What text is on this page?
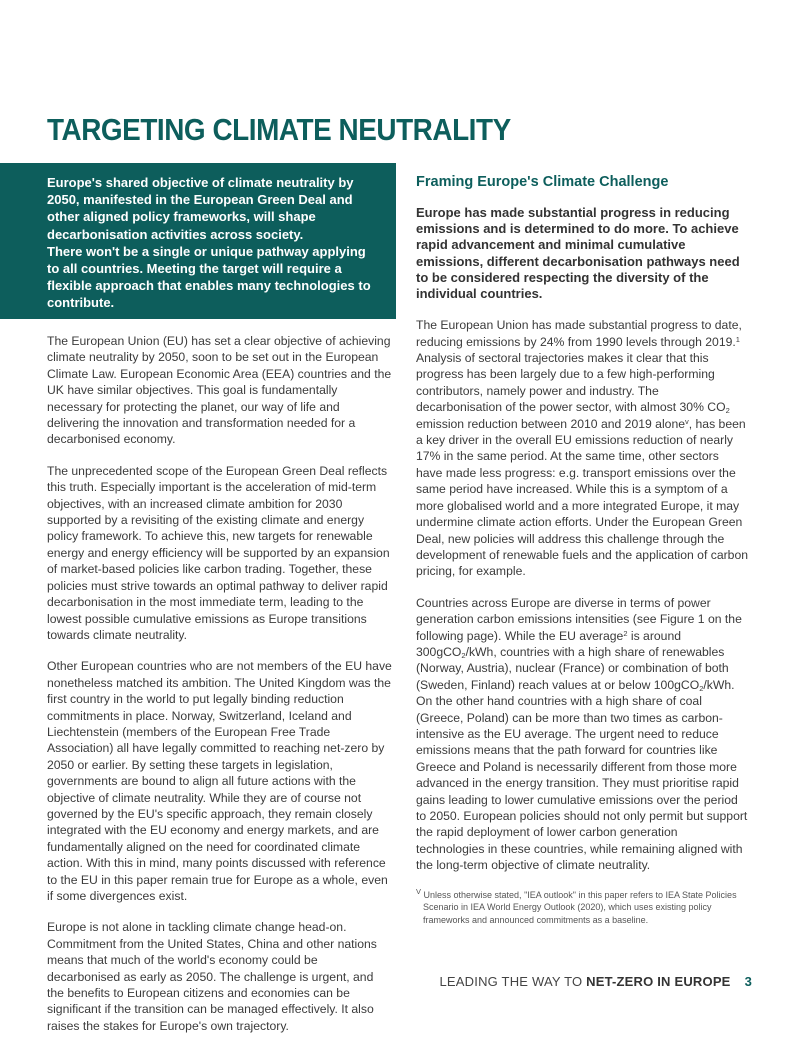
TARGETING CLIMATE NEUTRALITY

Europe's shared objective of climate neutrality by 2050, manifested in the European Green Deal and other aligned policy frameworks, will shape decarbonisation activities across society.

There won't be a single or unique pathway applying to all countries. Meeting the target will require a flexible approach that enables many technologies to contribute.

The European Union (EU) has set a clear objective of achieving climate neutrality by 2050, soon to be set out in the European Climate Law. European Economic Area (EEA) countries and the UK have similar objectives. This goal is fundamentally necessary for protecting the planet, our way of life and delivering the innovation and transformation needed for a decarbonised economy.

The unprecedented scope of the European Green Deal reflects this truth. Especially important is the acceleration of mid-term objectives, with an increased climate ambition for 2030 supported by a revisiting of the existing climate and energy policy framework. To achieve this, new targets for renewable energy and energy efficiency will be supported by an expansion of market-based policies like carbon trading. Together, these policies must strive towards an optimal pathway to deliver rapid decarbonisation in the most immediate term, leading to the lowest possible cumulative emissions as Europe transitions towards climate neutrality.

Other European countries who are not members of the EU have nonetheless matched its ambition. The United Kingdom was the first country in the world to put legally binding reduction commitments in place. Norway, Switzerland, Iceland and Liechtenstein (members of the European Free Trade Association) all have legally committed to reaching net-zero by 2050 or earlier. By setting these targets in legislation, governments are bound to align all future actions with the objective of climate neutrality. While they are of course not governed by the EU's specific approach, they remain closely integrated with the EU economy and energy markets, and are fundamentally aligned on the need for coordinated climate action. With this in mind, many points discussed with reference to the EU in this paper remain true for Europe as a whole, even if some divergences exist.

Europe is not alone in tackling climate change head-on. Commitment from the United States, China and other nations means that much of the world's economy could be decarbonised as early as 2050. The challenge is urgent, and the benefits to European citizens and economies can be significant if the transition can be managed effectively. It also raises the stakes for Europe's own trajectory.

Framing Europe's Climate Challenge

Europe has made substantial progress in reducing emissions and is determined to do more. To achieve rapid advancement and minimal cumulative emissions, different decarbonisation pathways need to be considered respecting the diversity of the individual countries.

The European Union has made substantial progress to date, reducing emissions by 24% from 1990 levels through 2019.$^1$ Analysis of sectoral trajectories makes it clear that this progress has been largely due to a few high-performing contributors, namely power and industry. The decarbonisation of the power sector, with almost 30% $CO_2$ emission reduction between 2010 and 2019 alone$^v$, has been a key driver in the overall EU emissions reduction of nearly 17% in the same period. At the same time, other sectors have made less progress: e.g. transport emissions over the same period have increased. While this is a symptom of a more globalised world and a more integrated Europe, it may undermine climate action efforts. Under the European Green Deal, new policies will address this challenge through the development of renewable fuels and the application of carbon pricing, for example.

Countries across Europe are diverse in terms of power generation carbon emissions intensities (see Figure 1 on the following page). While the EU average$^2$ is around 300gCO$_2$/kWh, countries with a high share of renewables (Norway, Austria), nuclear (France) or combination of both (Sweden, Finland) reach values at or below 100gCO$_2$/kWh. On the other hand countries with a high share of coal (Greece, Poland) can be more than two times as carbon-intensive as the EU average. The urgent need to reduce emissions means that the path forward for countries like Greece and Poland is necessarily different from those more advanced in the energy transition. They must prioritise rapid gains leading to lower cumulative emissions over the period to 2050. European policies should not only permit but support the rapid deployment of lower carbon generation technologies in these countries, while remaining aligned with the long-term objective of climate neutrality.

$^V$ Unless otherwise stated, "IEA outlook" in this paper refers to IEA State Policies Scenario in IEA World Energy Outlook (2020), which uses existing policy frameworks and announced commitments as a baseline.

LEADING THE WAY TO NET-ZERO IN EUROPE 3
